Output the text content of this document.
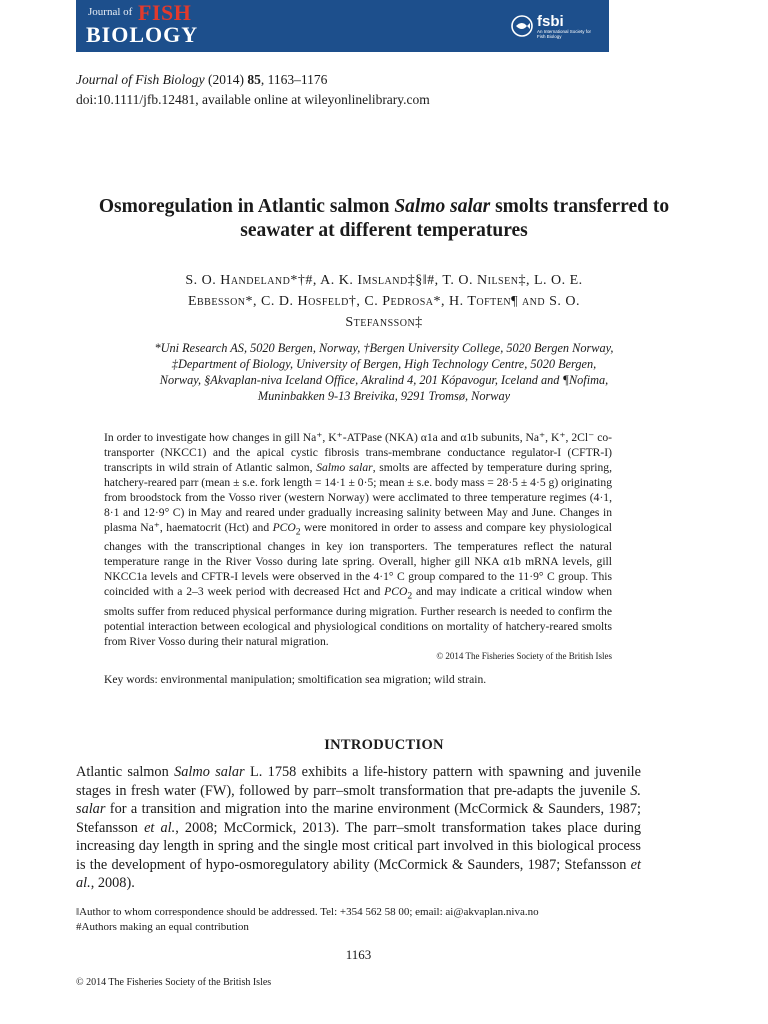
Journal of FISH
BIOLOGY
fsbi
An International Society for Fish Biology
Journal of Fish Biology (2014) 85, 1163–1176
doi:10.1111/jfb.12481, available online at wileyonlinelibrary.com
Osmoregulation in Atlantic salmon Salmo salar smolts transferred to seawater at different temperatures
S. O. Handeland*†#, A. K. Imsland‡§‖#, T. O. Nilsen‡, L. O. E.
Ebbesson*, C. D. Hosfeld†, C. Pedrosa*, H. Toften¶ and S. O.
Stefansson‡
*Uni Research AS, 5020 Bergen, Norway, †Bergen University College, 5020 Bergen Norway,
‡Department of Biology, University of Bergen, High Technology Centre, 5020 Bergen,
Norway, §Akvaplan-niva Iceland Office, Akralind 4, 201 Kópavogur, Iceland and ¶Nofima,
Muninbakken 9-13 Breivika, 9291 Tromsø, Norway
In order to investigate how changes in gill Na⁺, K⁺-ATPase (NKA) α1a and α1b subunits, Na⁺, K⁺, 2Cl⁻ co-transporter (NKCC1) and the apical cystic fibrosis trans-membrane conductance regulator-I (CFTR-I) transcripts in wild strain of Atlantic salmon, Salmo salar, smolts are affected by temperature during spring, hatchery-reared parr (mean ± s.e. fork length = 14·1 ± 0·5; mean ± s.e. body mass = 28·5 ± 4·5 g) originating from broodstock from the Vosso river (western Norway) were acclimated to three temperature regimes (4·1, 8·1 and 12·9° C) in May and reared under gradually increasing salinity between May and June. Changes in plasma Na⁺, haematocrit (Hct) and $PCO_2$ were monitored in order to assess and compare key physiological changes with the transcriptional changes in key ion transporters. The temperatures reflect the natural temperature range in the River Vosso during late spring. Overall, higher gill NKA α1b mRNA levels, gill NKCC1a levels and CFTR-I levels were observed in the 4·1° C group compared to the 11·9° C group. This coincided with a 2–3 week period with decreased Hct and $PCO_2$ and may indicate a critical window when smolts suffer from reduced physical performance during migration. Further research is needed to confirm the potential interaction between ecological and physiological conditions on mortality of hatchery-reared smolts from River Vosso during their natural migration.
© 2014 The Fisheries Society of the British Isles
Key words: environmental manipulation; smoltification sea migration; wild strain.
INTRODUCTION
Atlantic salmon Salmo salar L. 1758 exhibits a life-history pattern with spawning and juvenile stages in fresh water (FW), followed by parr–smolt transformation that pre-adapts the juvenile S. salar for a transition and migration into the marine environment (McCormick & Saunders, 1987; Stefansson et al., 2008; McCormick, 2013). The parr–smolt transformation takes place during increasing day length in spring and the single most critical part involved in this biological process is the development of hypo-osmoregulatory ability (McCormick & Saunders, 1987; Stefansson et al., 2008).
‖Author to whom correspondence should be addressed. Tel: +354 562 58 00; email: ai@akvaplan.niva.no
#Authors making an equal contribution
1163
© 2014 The Fisheries Society of the British Isles
